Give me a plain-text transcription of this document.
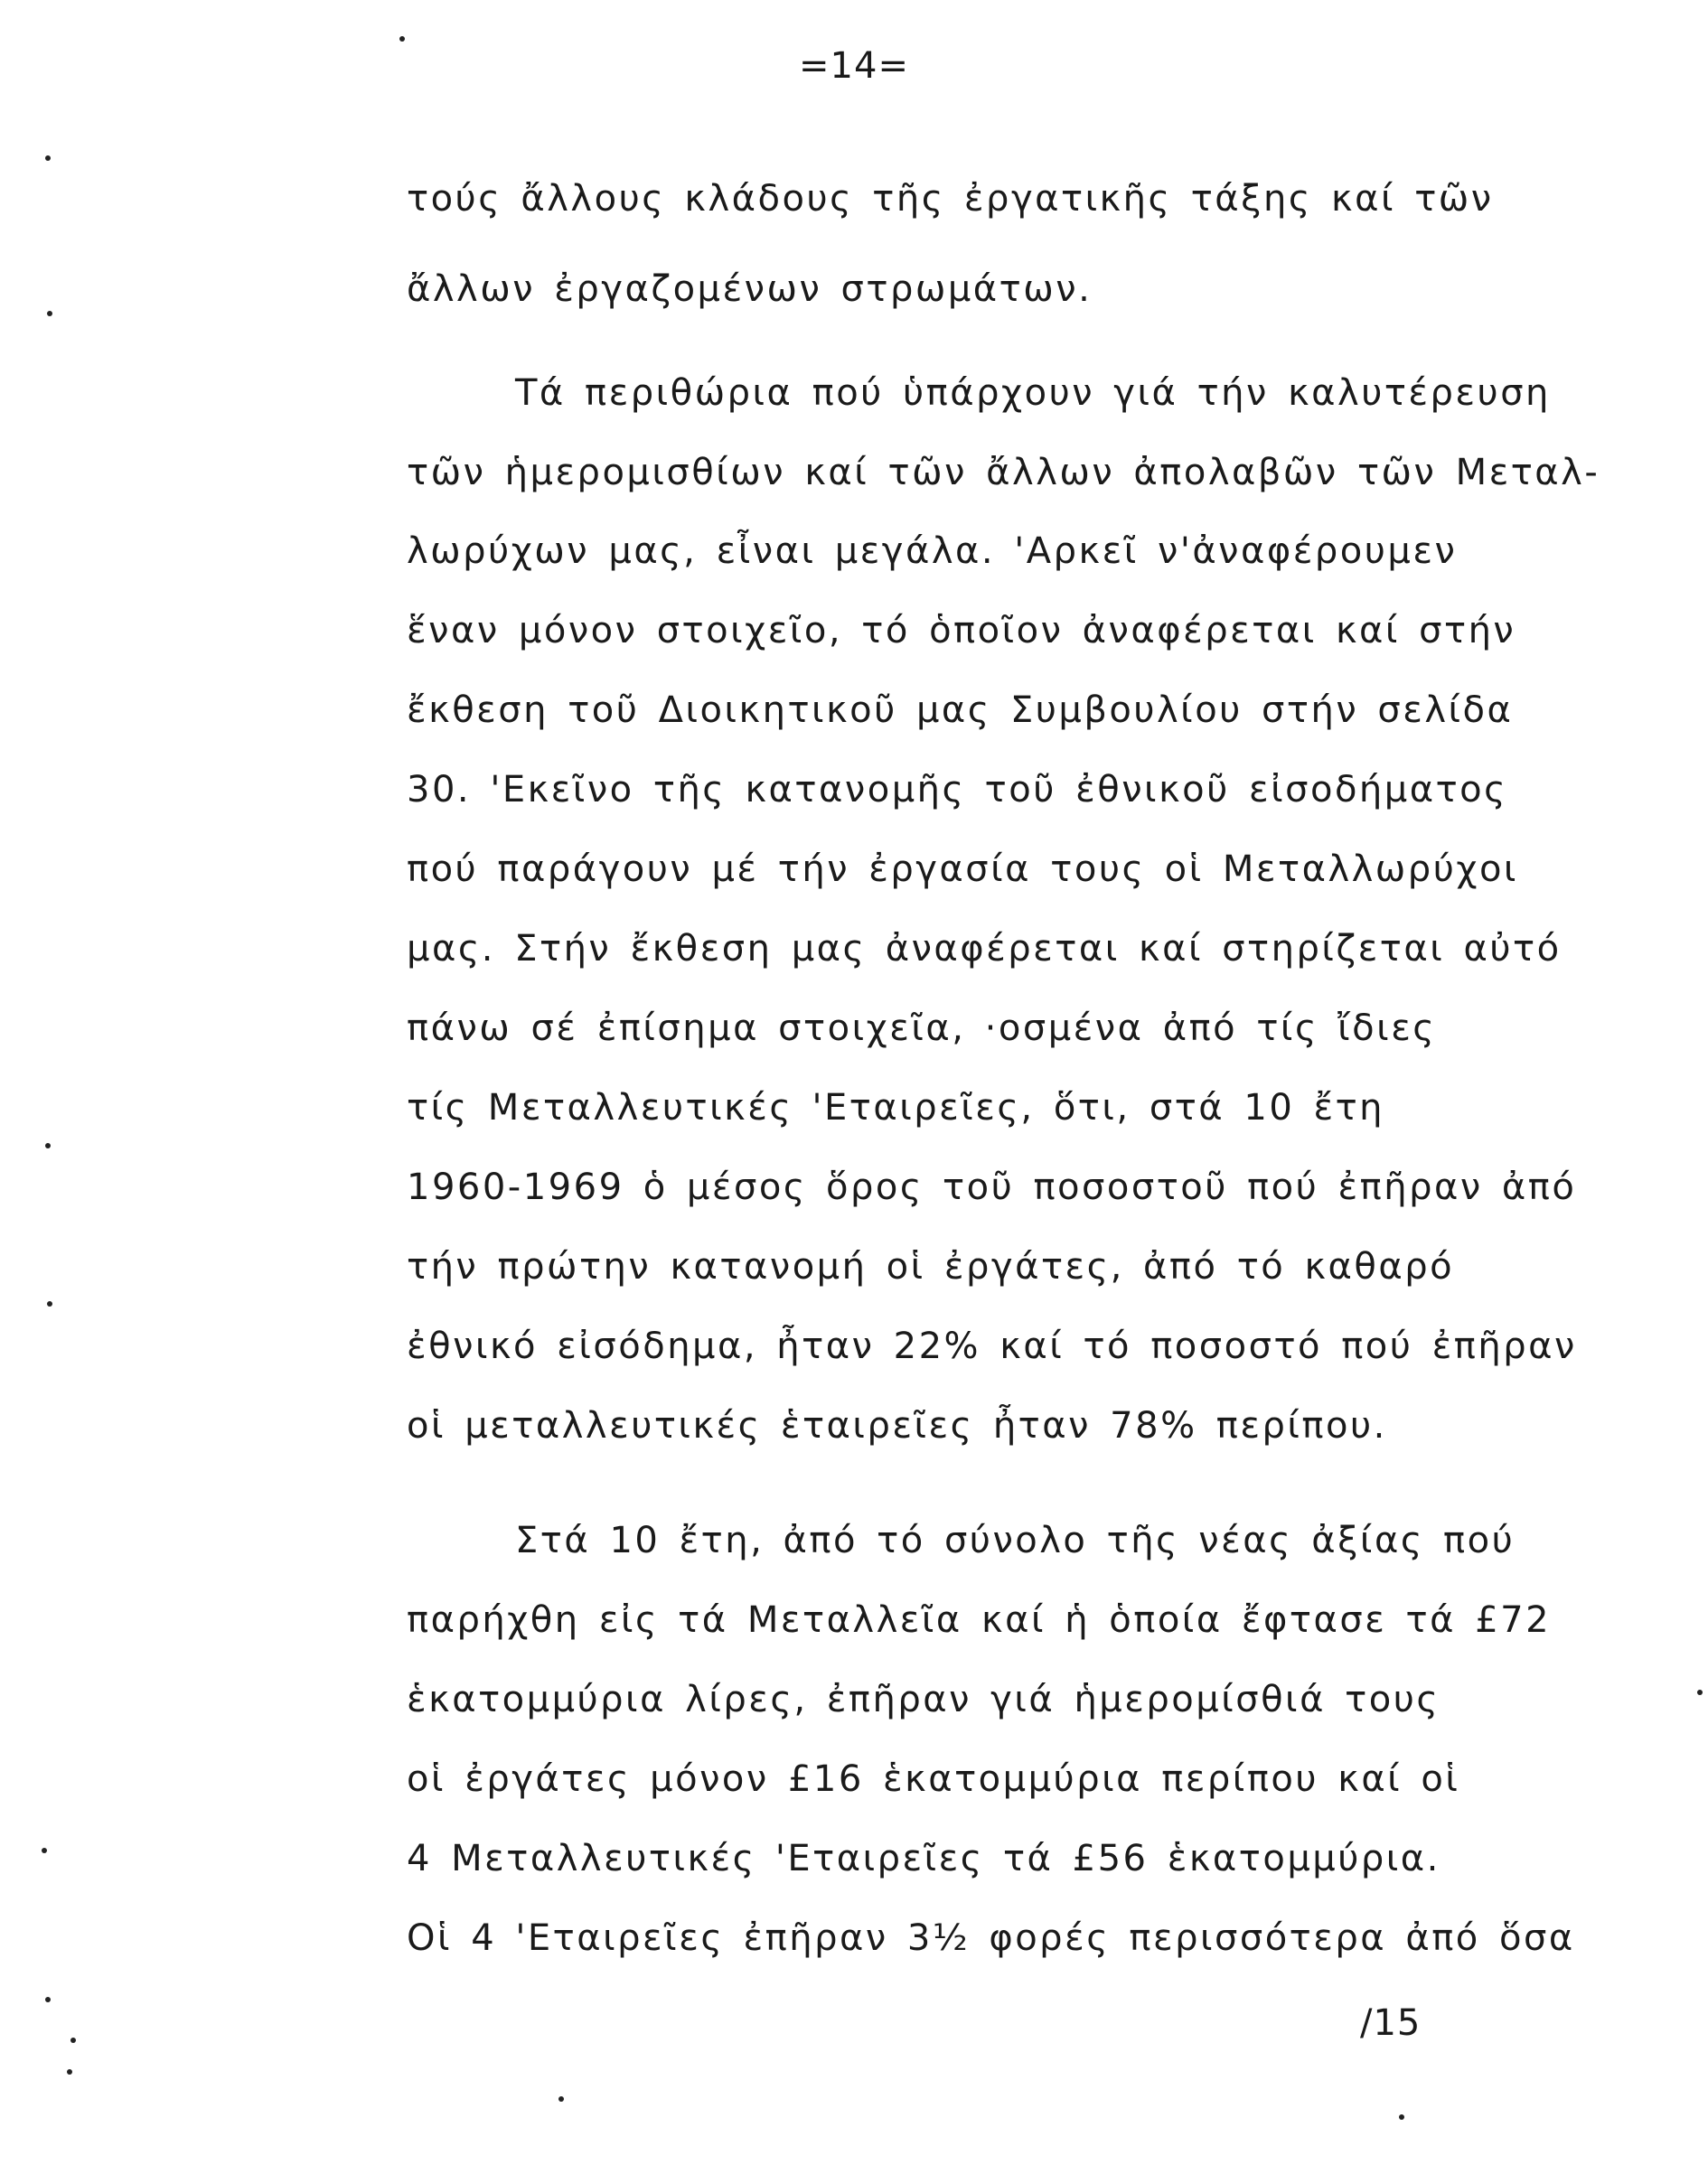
=14=
τούς ἄλλους κλάδους τῆς ἐργατικῆς τάξης καί τῶν
ἄλλων ἐργαζομένων στρωμάτων.
Τά περιθώρια πού ὑπάρχουν γιά τήν καλυτέρευση
τῶν ἡμερομισθίων καί τῶν ἄλλων ἀπολαβῶν τῶν Μεταλ-
λωρύχων μας, εἶναι μεγάλα. 'Αρκεῖ ν'ἀναφέρουμεν
ἕναν μόνον στοιχεῖο, τό ὁποῖον ἀναφέρεται καί στήν
ἔκθεση τοῦ Διοικητικοῦ μας Συμβουλίου στήν σελίδα
30. 'Εκεῖνο τῆς κατανομῆς τοῦ ἐθνικοῦ εἰσοδήματος
πού παράγουν μέ τήν ἐργασία τους οἱ Μεταλλωρύχοι
μας. Στήν ἔκθεση μας ἀναφέρεται καί στηρίζεται αὐτό
πάνω σέ ἐπίσημα στοιχεῖα, ·οσμένα ἀπό τίς ἴδιες
τίς Μεταλλευτικές 'Εταιρεῖες, ὅτι, στά 10 ἔτη
1960-1969 ὁ μέσος ὅρος τοῦ ποσοστοῦ πού ἐπῆραν ἀπό
τήν πρώτην κατανομή οἱ ἐργάτες, ἀπό τό καθαρό
ἐθνικό εἰσόδημα, ἦταν 22% καί τό ποσοστό πού ἐπῆραν
οἱ μεταλλευτικές ἑταιρεῖες ἦταν 78% περίπου.
Στά 10 ἔτη, ἀπό τό σύνολο τῆς νέας ἀξίας πού
παρήχθη εἰς τά Μεταλλεῖα καί ἡ ὁποία ἔφτασε τά £72
ἑκατομμύρια λίρες, ἐπῆραν γιά ἡμερομίσθιά τους
οἱ ἐργάτες μόνον £16 ἑκατομμύρια περίπου καί οἱ
4 Μεταλλευτικές 'Εταιρεῖες τά £56 ἑκατομμύρια.
Οἱ 4 'Εταιρεῖες ἐπῆραν 3½ φορές περισσότερα ἀπό ὅσα
/15
